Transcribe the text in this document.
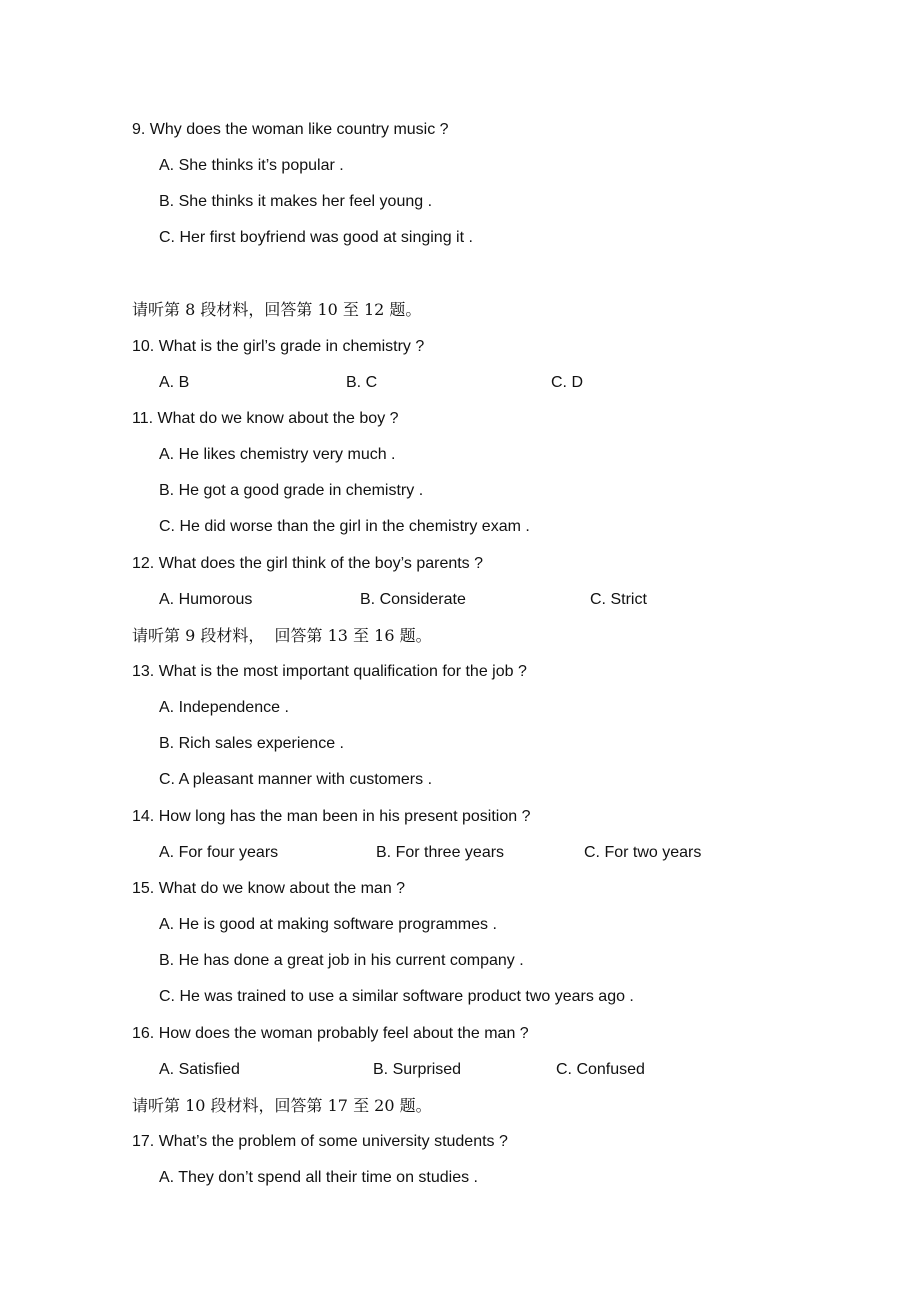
9. Why does the woman like country music ?
A. She thinks it’s popular .
B. She thinks it makes her feel young .
C. Her first boyfriend was good at singing it .
请听第 8 段材料，回答第 10 至 12 题。
10. What is the girl’s grade in chemistry ?
A. B	B. C	C. D
11. What do we know about the boy ?
A. He likes chemistry very much .
B. He got a good grade in chemistry .
C. He did worse than the girl in the chemistry exam .
12. What does the girl think of the boy’s parents ?
A. Humorous	B. Considerate	C. Strict
请听第 9 段材料，  回答第 13 至 16 题。
13. What is the most important qualification for the job ?
A. Independence .
B. Rich sales experience .
C. A pleasant manner with customers .
14. How long has the man been in his present position ?
A. For four years	B. For three years	C. For two years
15. What do we know about the man ?
A. He is good at making software programmes .
B. He has done a great job in his current company .
C. He was trained to use a similar software product two years ago .
16. How does the woman probably feel about the man ?
A. Satisfied	B. Surprised	C. Confused
请听第 10 段材料，回答第 17 至 20 题。
17. What’s the problem of some university students ?
A. They don’t spend all their time on studies .
